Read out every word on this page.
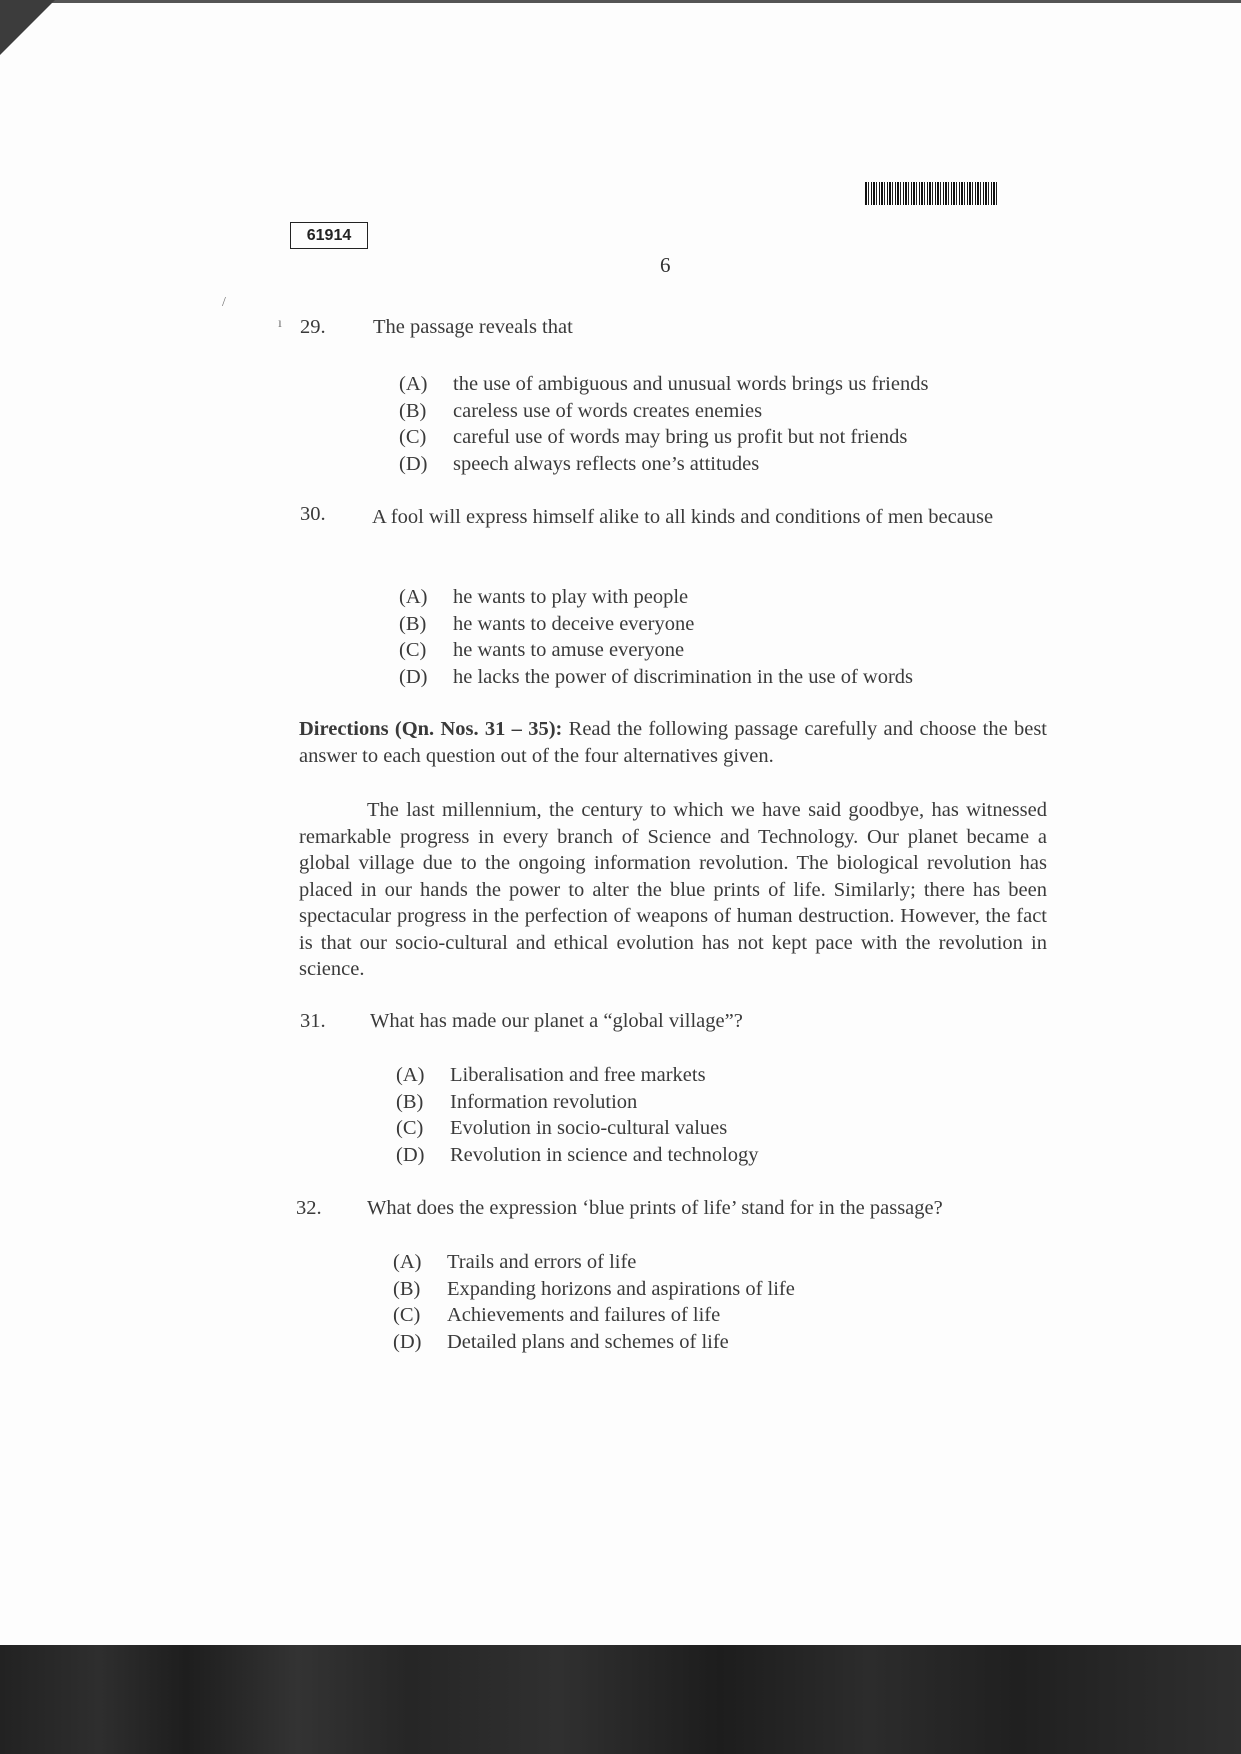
61914
6
/
ı 29. The passage reveals that
(A) the use of ambiguous and unusual words brings us friends
(B) careless use of words creates enemies
(C) careful use of words may bring us profit but not friends
(D) speech always reflects one’s attitudes
30. A fool will express himself alike to all kinds and conditions of men because
(A) he wants to play with people
(B) he wants to deceive everyone
(C) he wants to amuse everyone
(D) he lacks the power of discrimination in the use of words
Directions (Qn. Nos. 31 – 35): Read the following passage carefully and choose the best answer to each question out of the four alternatives given.
The last millennium, the century to which we have said goodbye, has witnessed remarkable progress in every branch of Science and Technology. Our planet became a global village due to the ongoing information revolution. The biological revolution has placed in our hands the power to alter the blue prints of life. Similarly; there has been spectacular progress in the perfection of weapons of human destruction. However, the fact is that our socio-cultural and ethical evolution has not kept pace with the revolution in science.
31. What has made our planet a “global village”?
(A) Liberalisation and free markets
(B) Information revolution
(C) Evolution in socio-cultural values
(D) Revolution in science and technology
32. What does the expression ‘blue prints of life’ stand for in the passage?
(A) Trails and errors of life
(B) Expanding horizons and aspirations of life
(C) Achievements and failures of life
(D) Detailed plans and schemes of life
